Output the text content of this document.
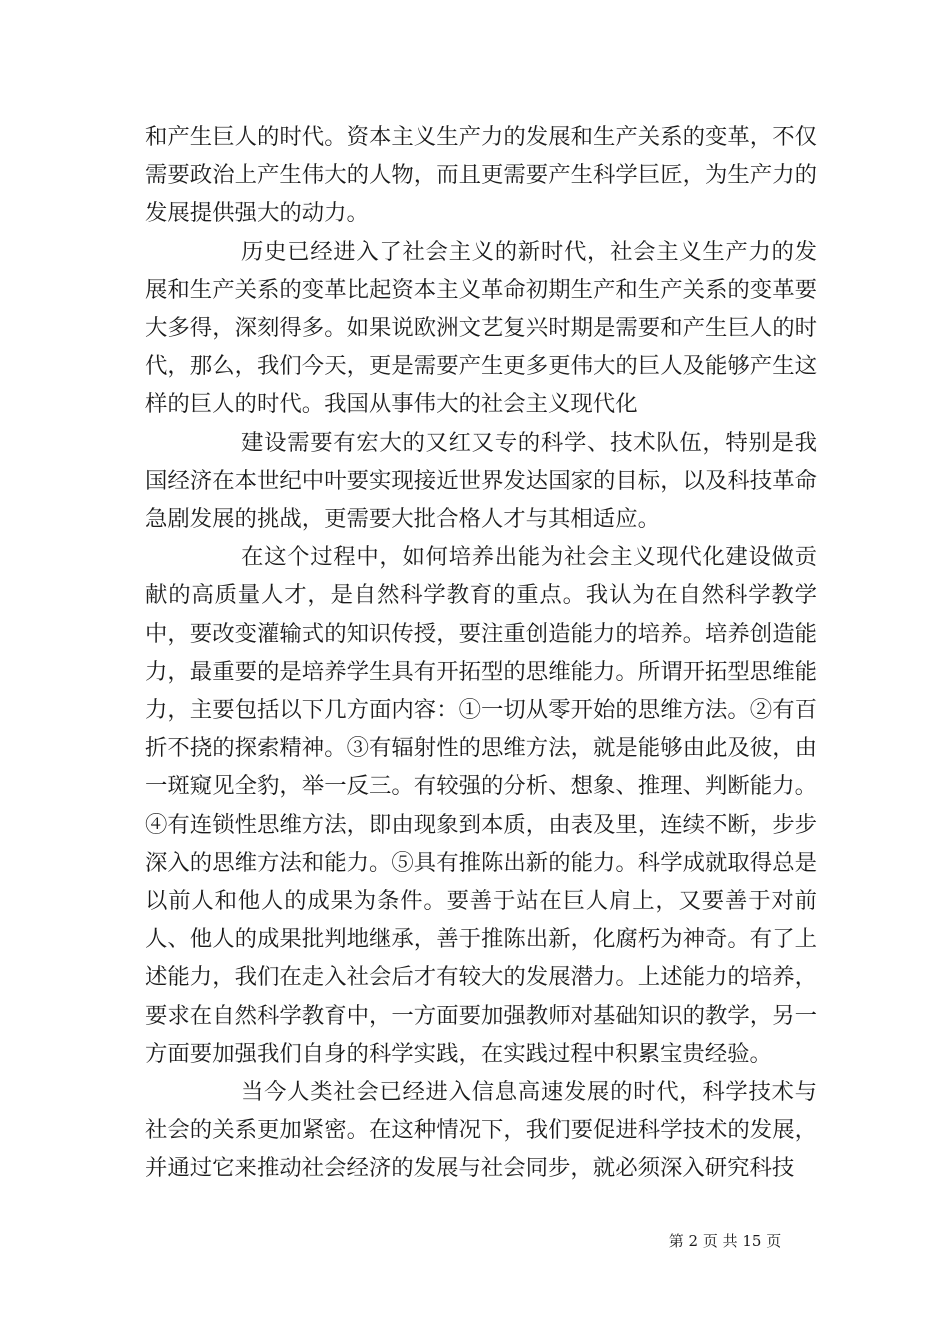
和产生巨人的时代。资本主义生产力的发展和生产关系的变革，不仅需要政治上产生伟大的人物，而且更需要产生科学巨匠，为生产力的发展提供强大的动力。

历史已经进入了社会主义的新时代，社会主义生产力的发展和生产关系的变革比起资本主义革命初期生产和生产关系的变革要大多得，深刻得多。如果说欧洲文艺复兴时期是需要和产生巨人的时代，那么，我们今天，更是需要产生更多更伟大的巨人及能够产生这样的巨人的时代。我国从事伟大的社会主义现代化

建设需要有宏大的又红又专的科学、技术队伍，特别是我国经济在本世纪中叶要实现接近世界发达国家的目标，以及科技革命急剧发展的挑战，更需要大批合格人才与其相适应。

在这个过程中，如何培养出能为社会主义现代化建设做贡献的高质量人才，是自然科学教育的重点。我认为在自然科学教学中，要改变灌输式的知识传授，要注重创造能力的培养。培养创造能力，最重要的是培养学生具有开拓型的思维能力。所谓开拓型思维能力，主要包括以下几方面内容：①一切从零开始的思维方法。②有百折不挠的探索精神。③有辐射性的思维方法，就是能够由此及彼，由一斑窥见全豹，举一反三。有较强的分析、想象、推理、判断能力。④有连锁性思维方法，即由现象到本质，由表及里，连续不断，步步深入的思维方法和能力。⑤具有推陈出新的能力。科学成就取得总是以前人和他人的成果为条件。要善于站在巨人肩上，又要善于对前人、他人的成果批判地继承，善于推陈出新，化腐朽为神奇。有了上述能力，我们在走入社会后才有较大的发展潜力。上述能力的培养，要求在自然科学教育中，一方面要加强教师对基础知识的教学，另一方面要加强我们自身的科学实践，在实践过程中积累宝贵经验。

当今人类社会已经进入信息高速发展的时代，科学技术与社会的关系更加紧密。在这种情况下，我们要促进科学技术的发展，并通过它来推动社会经济的发展与社会同步，就必须深入研究科技

第 2 页 共 15 页
